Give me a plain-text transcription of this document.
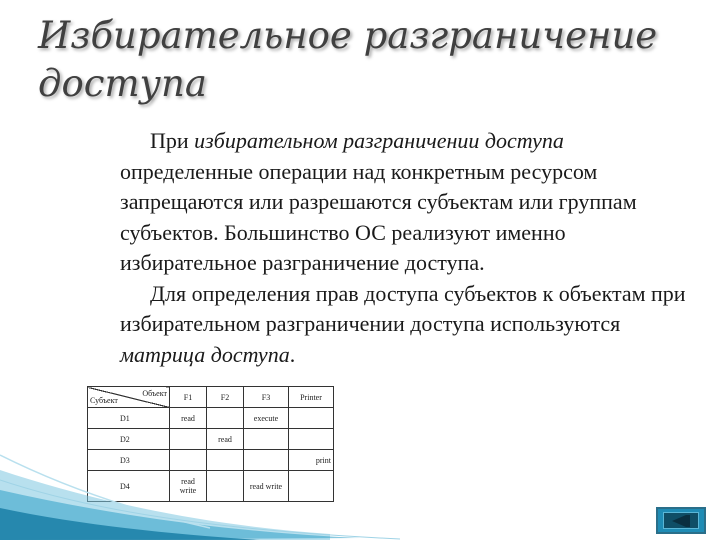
Избирательное разграничение доступа

При избирательном разграничении доступа определенные операции над конкретным ресурсом запрещаются или разрешаются субъектам или группам субъектов. Большинство ОС реализуют именно избирательное разграничение доступа.

Для определения прав доступа субъектов к объектам при избирательном разграничении доступа используются матрица доступа.

Объект
Субъект	F1	F2	F3	Printer
D1	read		execute	
D2		read		
D3				print
D4	read write		read write	
